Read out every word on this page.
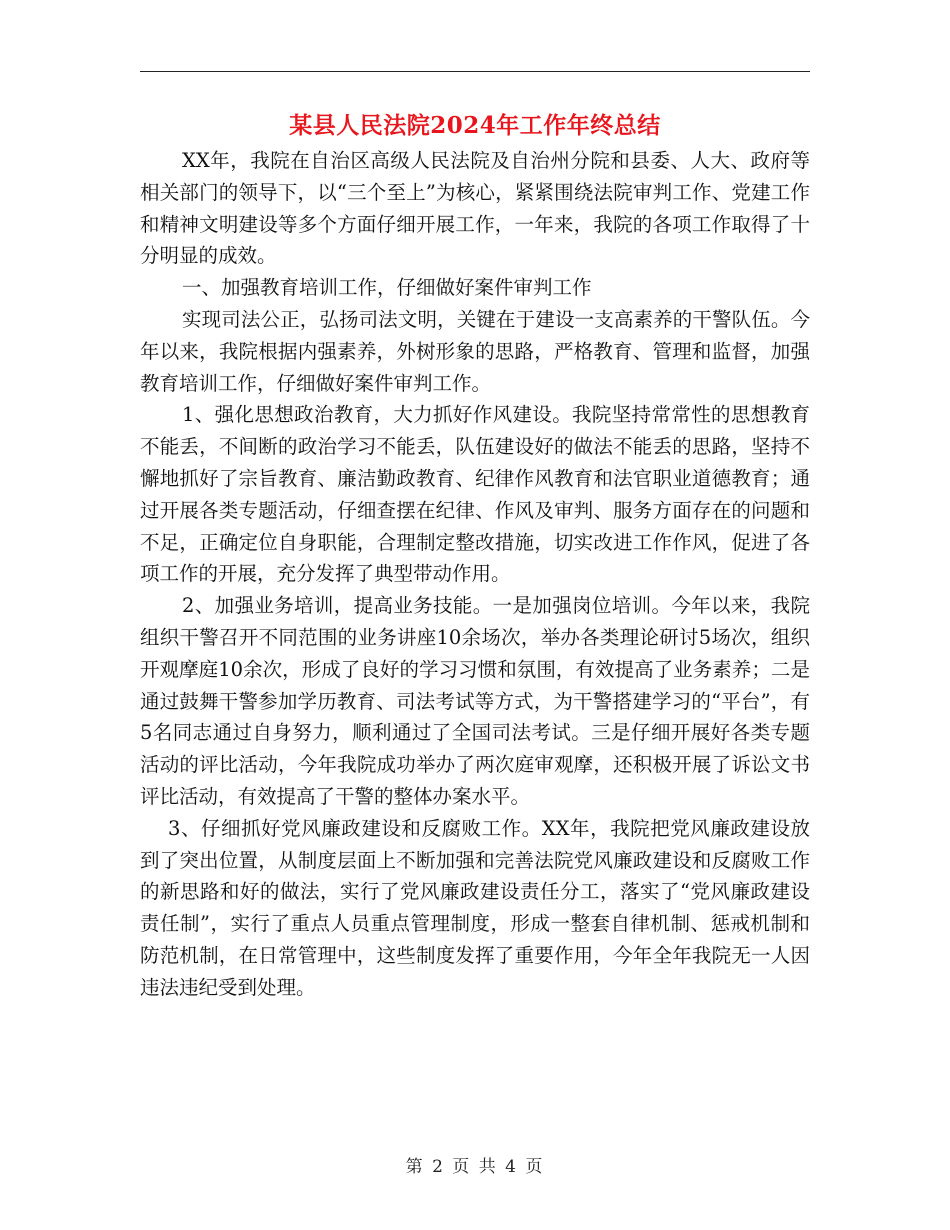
某县人民法院2024年工作年终总结

XX年，我院在自治区高级人民法院及自治州分院和县委、人大、政府等相关部门的领导下，以“三个至上”为核心，紧紧围绕法院审判工作、党建工作和精神文明建设等多个方面仔细开展工作，一年来，我院的各项工作取得了十分明显的成效。

一、加强教育培训工作，仔细做好案件审判工作

实现司法公正，弘扬司法文明，关键在于建设一支高素养的干警队伍。今年以来，我院根据内强素养，外树形象的思路，严格教育、管理和监督，加强教育培训工作，仔细做好案件审判工作。

1、强化思想政治教育，大力抓好作风建设。我院坚持常常性的思想教育不能丢，不间断的政治学习不能丢，队伍建设好的做法不能丢的思路，坚持不懈地抓好了宗旨教育、廉洁勤政教育、纪律作风教育和法官职业道德教育；通过开展各类专题活动，仔细查摆在纪律、作风及审判、服务方面存在的问题和不足，正确定位自身职能，合理制定整改措施，切实改进工作作风，促进了各项工作的开展，充分发挥了典型带动作用。

2、加强业务培训，提高业务技能。一是加强岗位培训。今年以来，我院组织干警召开不同范围的业务讲座10余场次，举办各类理论研讨5场次，组织开观摩庭10余次，形成了良好的学习习惯和氛围，有效提高了业务素养；二是通过鼓舞干警参加学历教育、司法考试等方式，为干警搭建学习的“平台”，有5名同志通过自身努力，顺利通过了全国司法考试。三是仔细开展好各类专题活动的评比活动，今年我院成功举办了两次庭审观摩，还积极开展了诉讼文书评比活动，有效提高了干警的整体办案水平。

3、仔细抓好党风廉政建设和反腐败工作。XX年，我院把党风廉政建设放到了突出位置，从制度层面上不断加强和完善法院党风廉政建设和反腐败工作的新思路和好的做法，实行了党风廉政建设责任分工，落实了“党风廉政建设责任制”，实行了重点人员重点管理制度，形成一整套自律机制、惩戒机制和防范机制，在日常管理中，这些制度发挥了重要作用，今年全年我院无一人因违法违纪受到处理。

第 2 页 共 4 页
